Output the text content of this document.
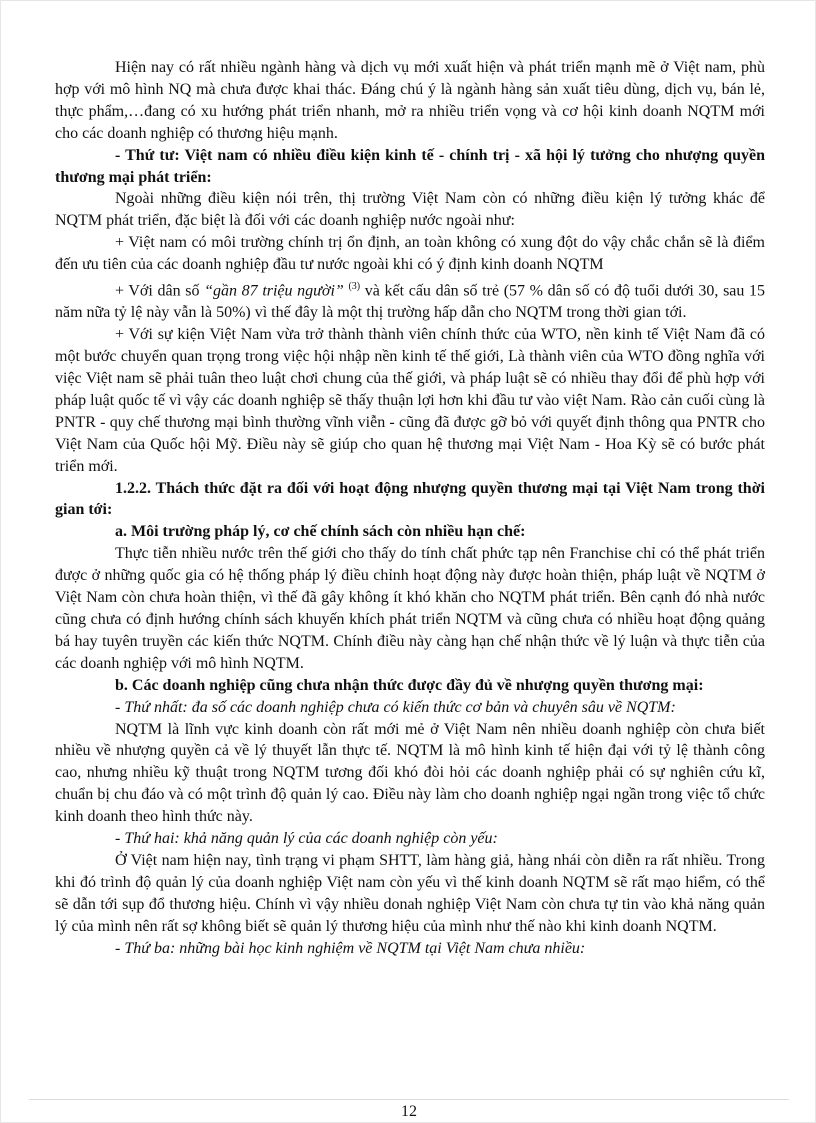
Hiện nay có rất nhiều ngành hàng và dịch vụ mới xuất hiện và phát triển mạnh mẽ ở Việt nam, phù hợp với mô hình NQ mà chưa được khai thác. Đáng chú ý là ngành hàng sản xuất tiêu dùng, dịch vụ, bán lẻ, thực phẩm,…đang có xu hướng phát triển nhanh, mở ra nhiều triển vọng và cơ hội kinh doanh NQTM mới cho các doanh nghiệp có thương hiệu mạnh.

- Thứ tư: Việt nam có nhiều điều kiện kinh tế - chính trị - xã hội lý tưởng cho nhượng quyền thương mại phát triển:

Ngoài những điều kiện nói trên, thị trường Việt Nam còn có những điều kiện lý tưởng khác để NQTM phát triển, đặc biệt là đối với các doanh nghiệp nước ngoài như:

+ Việt nam có môi trường chính trị ổn định, an toàn không có xung đột do vậy chắc chắn sẽ là điểm đến ưu tiên của các doanh nghiệp đầu tư nước ngoài khi có ý định kinh doanh NQTM

+ Với dân số “gần 87 triệu người” $^{(3)}$ và kết cấu dân số trẻ (57 % dân số có độ tuổi dưới 30, sau 15 năm nữa tỷ lệ này vẫn là 50%) vì thế đây là một thị trường hấp dẫn cho NQTM trong thời gian tới.

+ Với sự kiện Việt Nam vừa trở thành thành viên chính thức của WTO, nền kinh tế Việt Nam đã có một bước chuyển quan trọng trong việc hội nhập nền kinh tế thế giới, Là thành viên của WTO đồng nghĩa với việc Việt nam sẽ phải tuân theo luật chơi chung của thế giới, và pháp luật sẽ có nhiều thay đổi để phù hợp với pháp luật quốc tế vì vậy các doanh nghiệp sẽ thấy thuận lợi hơn khi đầu tư vào việt Nam. Rào cản cuối cùng là PNTR - quy chế thương mại bình thường vĩnh viễn - cũng đã được gỡ bỏ với quyết định thông qua PNTR cho Việt Nam của Quốc hội Mỹ. Điều này sẽ giúp cho quan hệ thương mại Việt Nam - Hoa Kỳ sẽ có bước phát triển mới.

1.2.2. Thách thức đặt ra đối với hoạt động nhượng quyền thương mại tại Việt Nam trong thời gian tới:

a. Môi trường pháp lý, cơ chế chính sách còn nhiều hạn chế:

Thực tiễn nhiều nước trên thế giới cho thấy do tính chất phức tạp nên Franchise chỉ có thể phát triển được ở những quốc gia có hệ thống pháp lý điều chỉnh hoạt động này được hoàn thiện, pháp luật về NQTM ở Việt Nam còn chưa hoàn thiện, vì thế đã gây không ít khó khăn cho NQTM phát triển. Bên cạnh đó nhà nước cũng chưa có định hướng chính sách khuyến khích phát triển NQTM và cũng chưa có nhiều hoạt động quảng bá hay tuyên truyền các kiến thức NQTM. Chính điều này càng hạn chế nhận thức về lý luận và thực tiễn của các doanh nghiệp với mô hình NQTM.

b. Các doanh nghiệp cũng chưa nhận thức được đầy đủ về nhượng quyền thương mại:

- Thứ nhất: đa số các doanh nghiệp chưa có kiến thức cơ bản và chuyên sâu về NQTM:

NQTM là lĩnh vực kinh doanh còn rất mới mẻ ở Việt Nam nên nhiều doanh nghiệp còn chưa biết nhiều về nhượng quyền cả về lý thuyết lẫn thực tế. NQTM là mô hình kinh tế hiện đại với tỷ lệ thành công cao, nhưng nhiều kỹ thuật trong NQTM tương đối khó đòi hỏi các doanh nghiệp phải có sự nghiên cứu kĩ, chuẩn bị chu đáo và có một trình độ quản lý cao. Điều này làm cho doanh nghiệp ngại ngần trong việc tổ chức kinh doanh theo hình thức này.

- Thứ hai: khả năng quản lý của các doanh nghiệp còn yếu:

Ở Việt nam hiện nay, tình trạng vi phạm SHTT, làm hàng giả, hàng nhái còn diễn ra rất nhiều. Trong khi đó trình độ quản lý của doanh nghiệp Việt nam còn yếu vì thế kinh doanh NQTM sẽ rất mạo hiểm, có thể sẽ dẫn tới sụp đổ thương hiệu. Chính vì vậy nhiều donah nghiệp Việt Nam còn chưa tự tin vào khả năng quản lý của mình nên rất sợ không biết sẽ quản lý thương hiệu của mình như thế nào khi kinh doanh NQTM.

- Thứ ba: những bài học kinh nghiệm về NQTM tại Việt Nam chưa nhiều:

12
